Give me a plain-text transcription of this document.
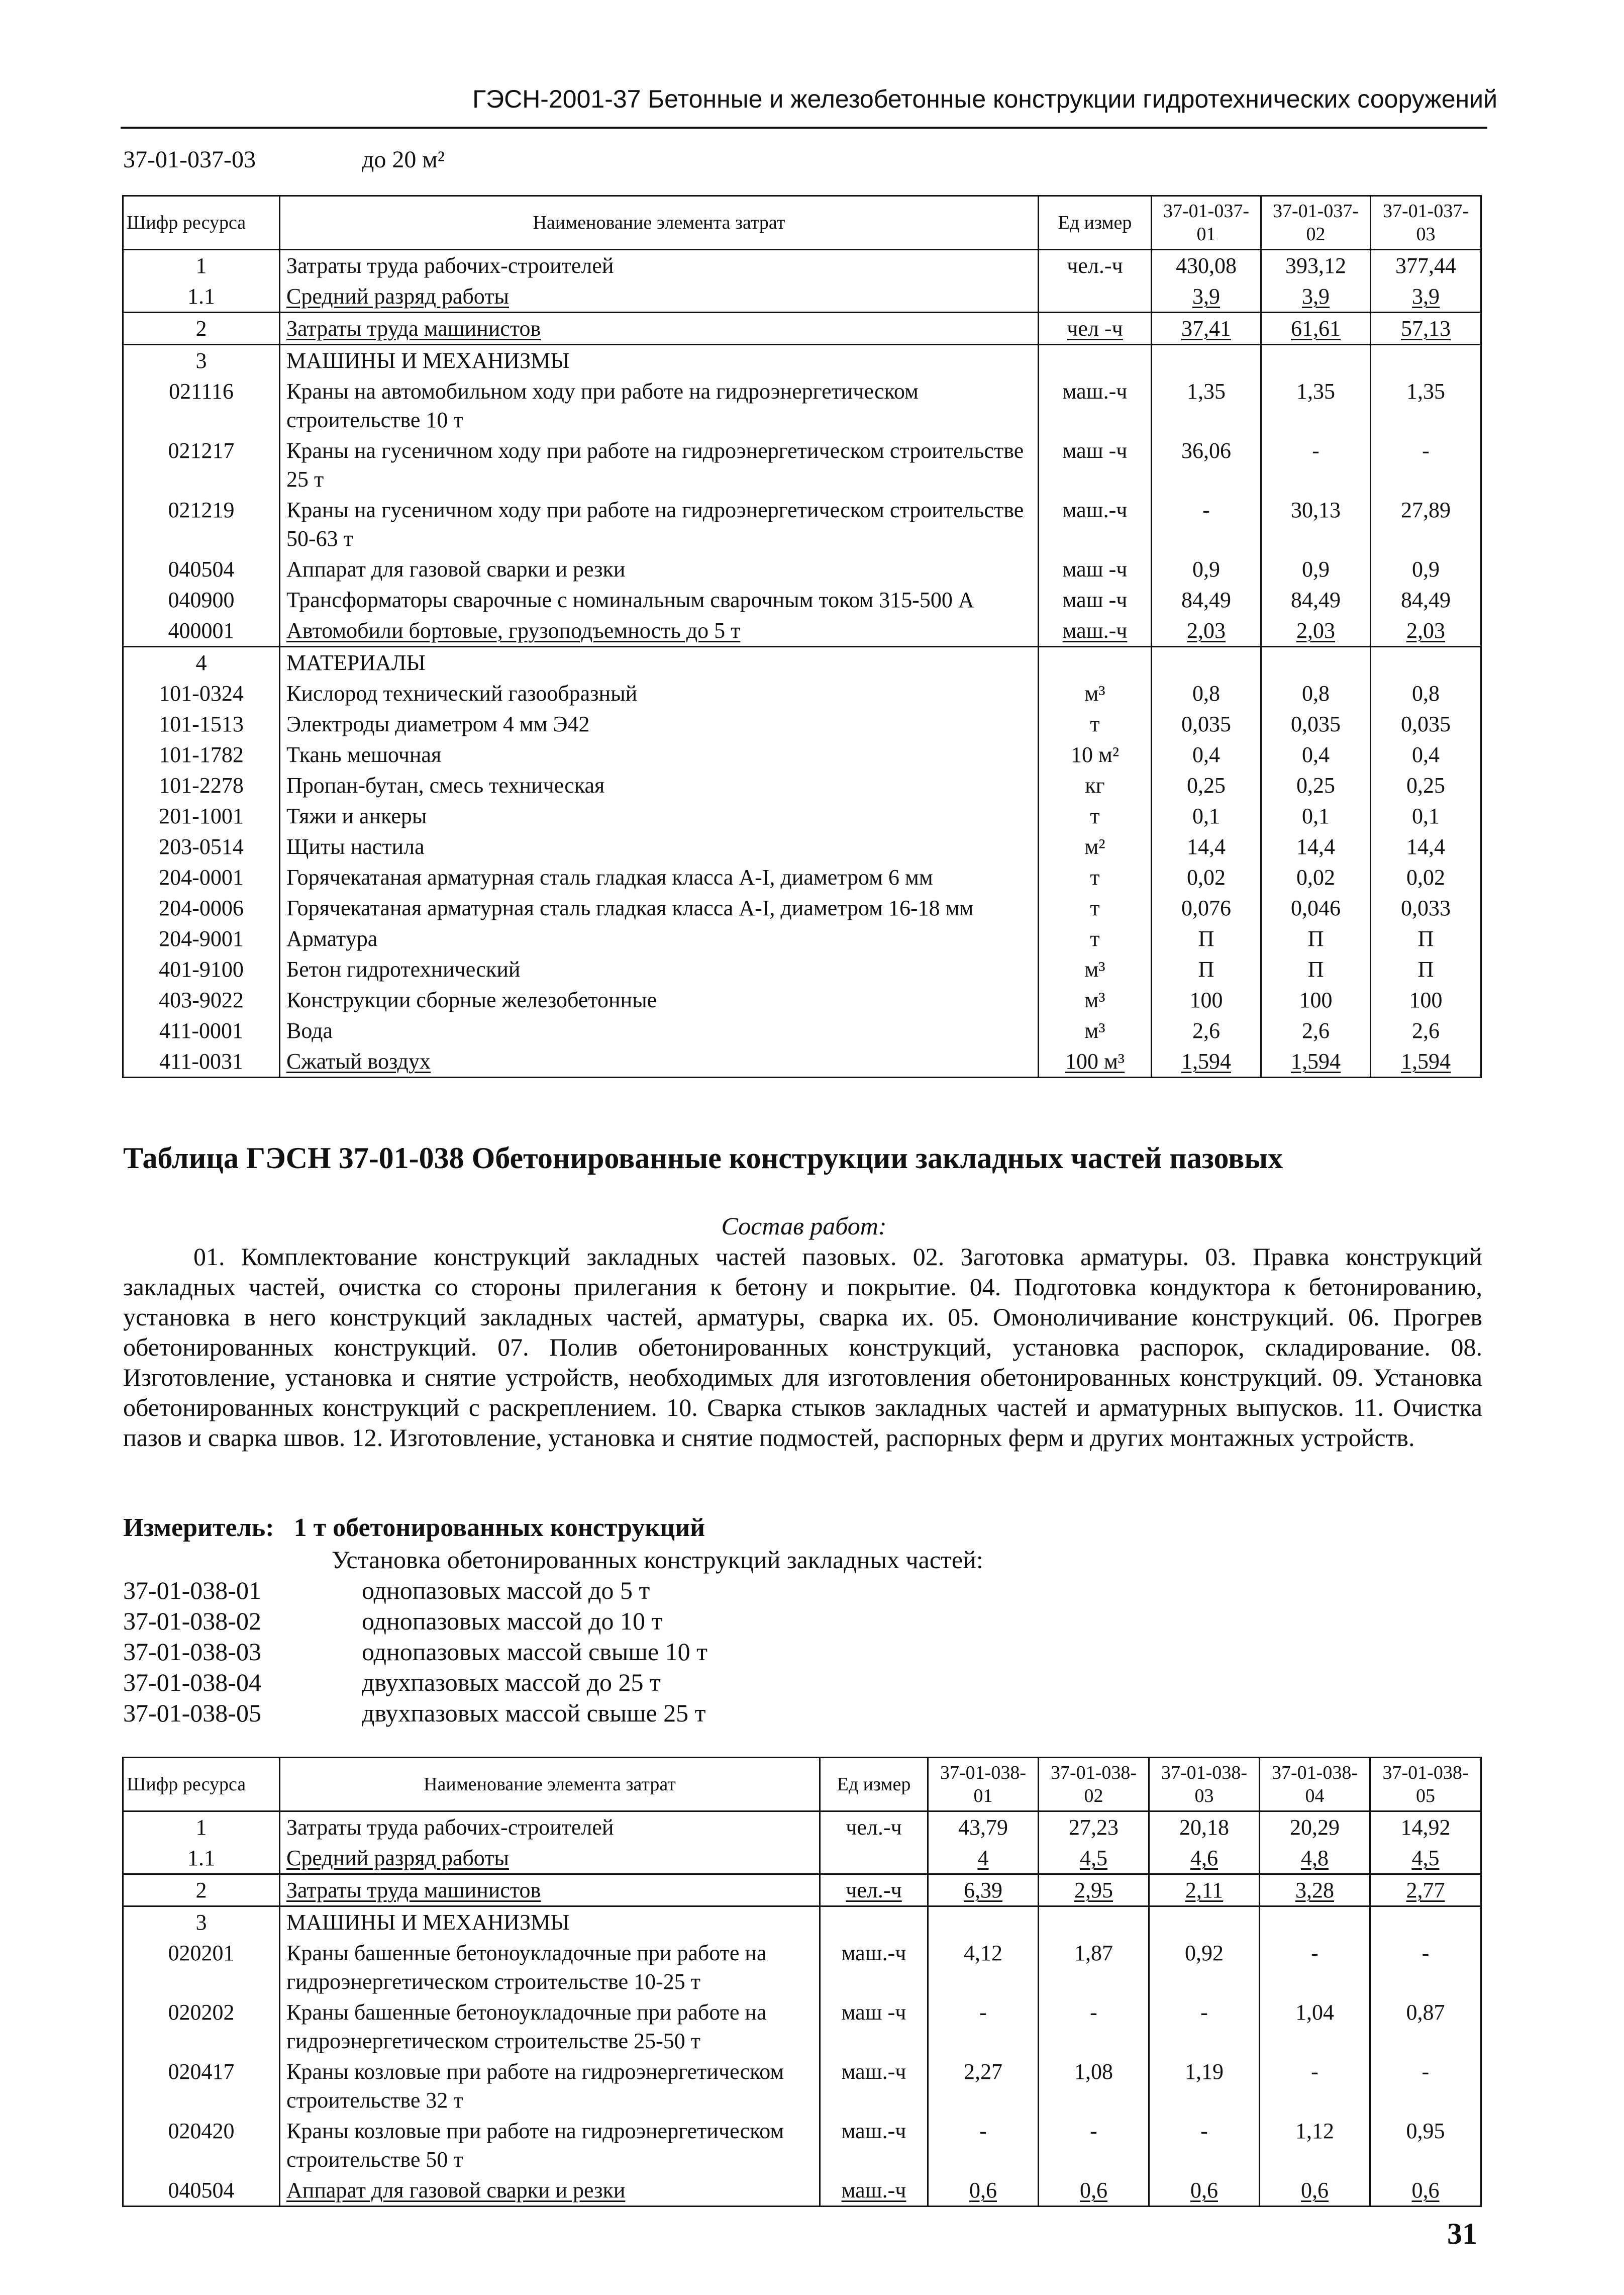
ГЭСН-2001-37 Бетонные и железобетонные конструкции гидротехнических сооружений
37-01-037-03	до 20 м²
Шифр ресурса	Наименование элемента затрат	Ед измер	37-01-037-01	37-01-037-02	37-01-037-03
1	Затраты труда рабочих-строителей	чел.-ч	430,08	393,12	377,44
1.1	Средний разряд работы		3,9	3,9	3,9
2	Затраты труда машинистов	чел -ч	37,41	61,61	57,13
3	МАШИНЫ И МЕХАНИЗМЫ				
021116	Краны на автомобильном ходу при работе на гидроэнергетическом строительстве 10 т	маш.-ч	1,35	1,35	1,35
021217	Краны на гусеничном ходу при работе на гидроэнергетическом строительстве 25 т	маш -ч	36,06	-	-
021219	Краны на гусеничном ходу при работе на гидроэнергетическом строительстве 50-63 т	маш.-ч	-	30,13	27,89
040504	Аппарат для газовой сварки и резки	маш -ч	0,9	0,9	0,9
040900	Трансформаторы сварочные с номинальным сварочным током 315-500 А	маш -ч	84,49	84,49	84,49
400001	Автомобили бортовые, грузоподъемность до 5 т	маш.-ч	2,03	2,03	2,03
4	МАТЕРИАЛЫ				
101-0324	Кислород технический газообразный	м³	0,8	0,8	0,8
101-1513	Электроды диаметром 4 мм Э42	т	0,035	0,035	0,035
101-1782	Ткань мешочная	10 м²	0,4	0,4	0,4
101-2278	Пропан-бутан, смесь техническая	кг	0,25	0,25	0,25
201-1001	Тяжи и анкеры	т	0,1	0,1	0,1
203-0514	Щиты настила	м²	14,4	14,4	14,4
204-0001	Горячекатаная арматурная сталь гладкая класса А-I, диаметром 6 мм	т	0,02	0,02	0,02
204-0006	Горячекатаная арматурная сталь гладкая класса А-I, диаметром 16-18 мм	т	0,076	0,046	0,033
204-9001	Арматура	т	П	П	П
401-9100	Бетон гидротехнический	м³	П	П	П
403-9022	Конструкции сборные железобетонные	м³	100	100	100
411-0001	Вода	м³	2,6	2,6	2,6
411-0031	Сжатый воздух	100 м³	1,594	1,594	1,594
Таблица ГЭСН 37-01-038 Обетонированные конструкции закладных частей пазовых
Состав работ:
01. Комплектование конструкций закладных частей пазовых. 02. Заготовка арматуры. 03. Правка конструкций закладных частей, очистка со стороны прилегания к бетону и покрытие. 04. Подготовка кондуктора к бетонированию, установка в него конструкций закладных частей, арматуры, сварка их. 05. Омоноличивание конструкций. 06. Прогрев обетонированных конструкций. 07. Полив обетонированных конструкций, установка распорок, складирование. 08. Изготовление, установка и снятие устройств, необходимых для изготовления обетонированных конструкций. 09. Установка обетонированных конструкций с раскреплением. 10. Сварка стыков закладных частей и арматурных выпусков. 11. Очистка пазов и сварка швов. 12. Изготовление, установка и снятие подмостей, распорных ферм и других монтажных устройств.
Измеритель: 1 т обетонированных конструкций
Установка обетонированных конструкций закладных частей:
37-01-038-01	однопазовых массой до 5 т
37-01-038-02	однопазовых массой до 10 т
37-01-038-03	однопазовых массой свыше 10 т
37-01-038-04	двухпазовых массой до 25 т
37-01-038-05	двухпазовых массой свыше 25 т
Шифр ресурса	Наименование элемента затрат	Ед измер	37-01-038-01	37-01-038-02	37-01-038-03	37-01-038-04	37-01-038-05
1	Затраты труда рабочих-строителей	чел.-ч	43,79	27,23	20,18	20,29	14,92
1.1	Средний разряд работы		4	4,5	4,6	4,8	4,5
2	Затраты труда машинистов	чел.-ч	6,39	2,95	2,11	3,28	2,77
3	МАШИНЫ И МЕХАНИЗМЫ						
020201	Краны башенные бетоноукладочные при работе на гидроэнергетическом строительстве 10-25 т	маш.-ч	4,12	1,87	0,92	-	-
020202	Краны башенные бетоноукладочные при работе на гидроэнергетическом строительстве 25-50 т	маш -ч	-	-	-	1,04	0,87
020417	Краны козловые при работе на гидроэнергетическом строительстве 32 т	маш.-ч	2,27	1,08	1,19	-	-
020420	Краны козловые при работе на гидроэнергетическом строительстве 50 т	маш.-ч	-	-	-	1,12	0,95
040504	Аппарат для газовой сварки и резки	маш.-ч	0,6	0,6	0,6	0,6	0,6
31
